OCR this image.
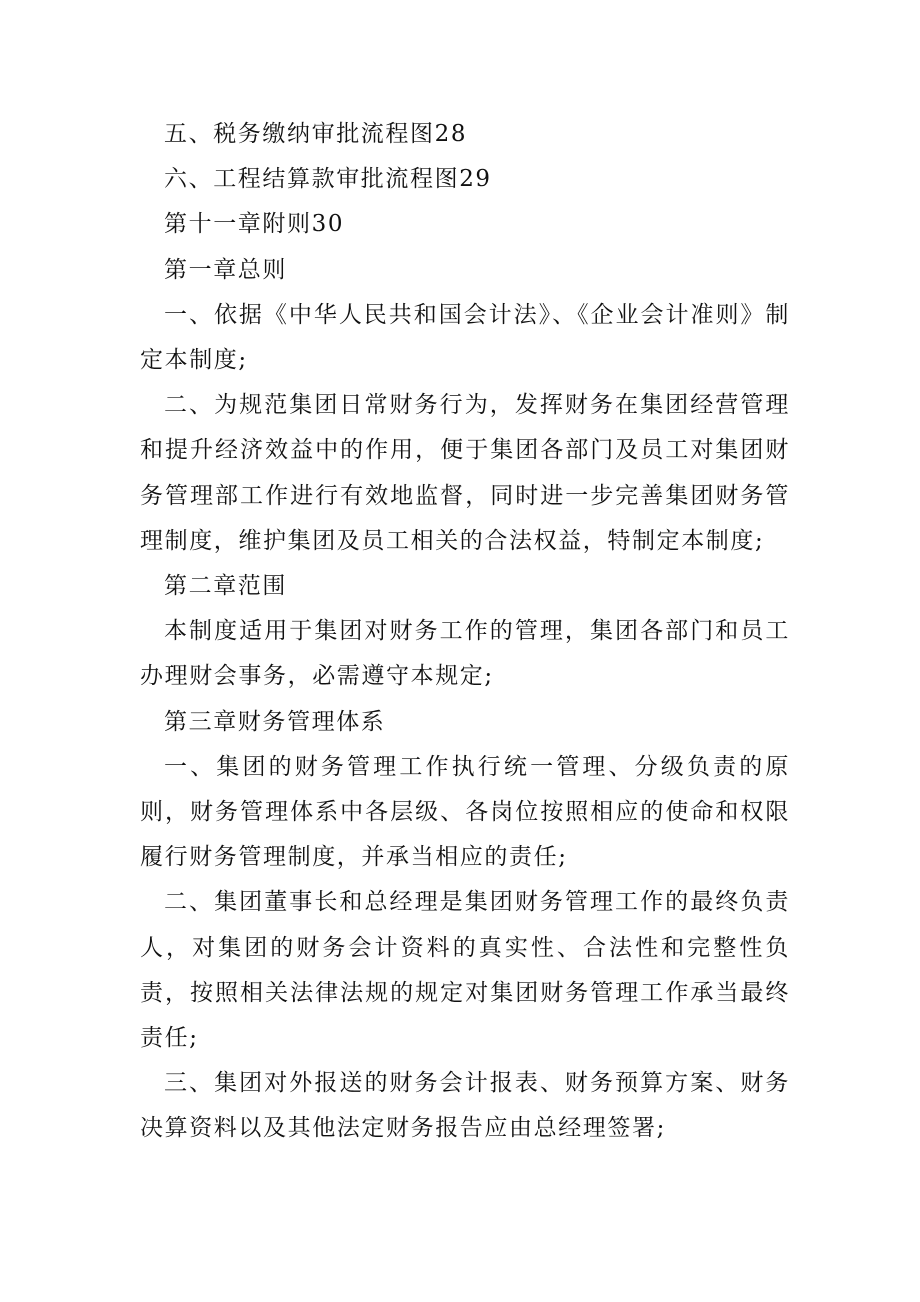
五、税务缴纳审批流程图28

六、工程结算款审批流程图29

第十一章附则30

第一章总则

一、依据《中华人民共和国会计法》、《企业会计准则》制定本制度;

二、为规范集团日常财务行为，发挥财务在集团经营管理和提升经济效益中的作用，便于集团各部门及员工对集团财务管理部工作进行有效地监督，同时进一步完善集团财务管理制度，维护集团及员工相关的合法权益，特制定本制度;

第二章范围

本制度适用于集团对财务工作的管理，集团各部门和员工办理财会事务，必需遵守本规定;

第三章财务管理体系

一、集团的财务管理工作执行统一管理、分级负责的原则，财务管理体系中各层级、各岗位按照相应的使命和权限履行财务管理制度，并承当相应的责任;

二、集团董事长和总经理是集团财务管理工作的最终负责人，对集团的财务会计资料的真实性、合法性和完整性负责，按照相关法律法规的规定对集团财务管理工作承当最终责任;

三、集团对外报送的财务会计报表、财务预算方案、财务决算资料以及其他法定财务报告应由总经理签署;
